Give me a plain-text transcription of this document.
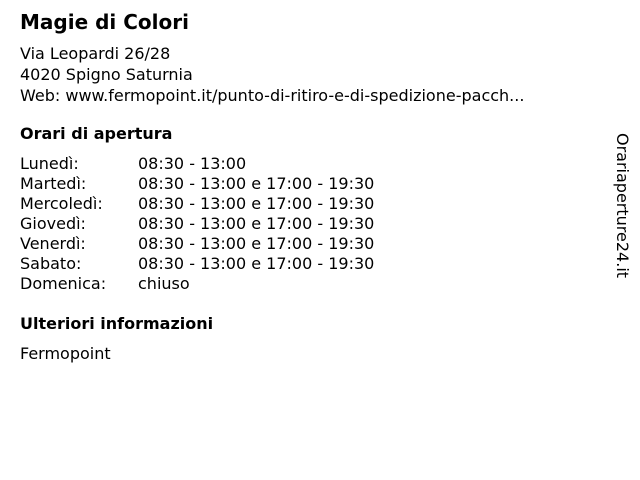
Magie di Colori
Via Leopardi 26/28
4020 Spigno Saturnia
Web: www.fermopoint.it/punto-di-ritiro-e-di-spedizione-pacch...
Orari di apertura
Lunedì:	08:30 - 13:00
Martedì:	08:30 - 13:00 e 17:00 - 19:30
Mercoledì: 08:30 - 13:00 e 17:00 - 19:30
Giovedì:	08:30 - 13:00 e 17:00 - 19:30
Venerdì:	08:30 - 13:00 e 17:00 - 19:30
Sabato:	08:30 - 13:00 e 17:00 - 19:30
Domenica: chiuso
Ulteriori informazioni
Fermopoint
Orariaperture24.it
